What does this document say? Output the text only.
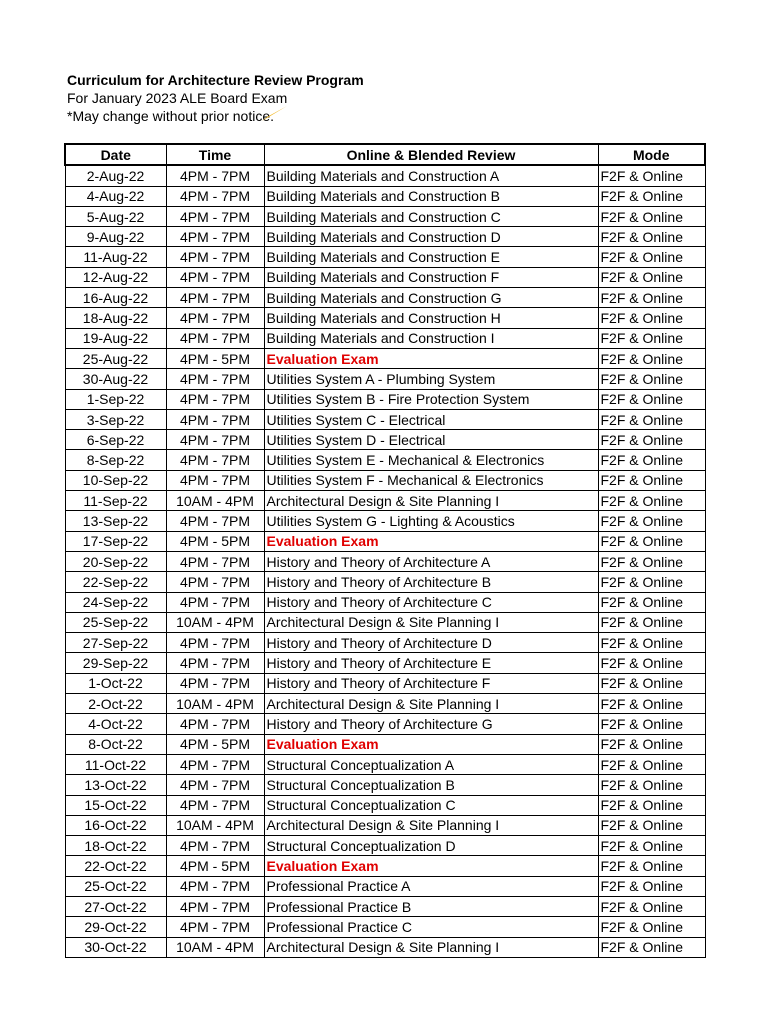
Curriculum for Architecture Review Program
For January 2023 ALE Board Exam
*May change without prior notice.
Date	Time	Online & Blended Review	Mode
2-Aug-22	4PM - 7PM	Building Materials and Construction A	F2F & Online
4-Aug-22	4PM - 7PM	Building Materials and Construction B	F2F & Online
5-Aug-22	4PM - 7PM	Building Materials and Construction C	F2F & Online
9-Aug-22	4PM - 7PM	Building Materials and Construction D	F2F & Online
11-Aug-22	4PM - 7PM	Building Materials and Construction E	F2F & Online
12-Aug-22	4PM - 7PM	Building Materials and Construction F	F2F & Online
16-Aug-22	4PM - 7PM	Building Materials and Construction G	F2F & Online
18-Aug-22	4PM - 7PM	Building Materials and Construction H	F2F & Online
19-Aug-22	4PM - 7PM	Building Materials and Construction I	F2F & Online
25-Aug-22	4PM - 5PM	Evaluation Exam	F2F & Online
30-Aug-22	4PM - 7PM	Utilities System A - Plumbing System	F2F & Online
1-Sep-22	4PM - 7PM	Utilities System B - Fire Protection System	F2F & Online
3-Sep-22	4PM - 7PM	Utilities System C - Electrical	F2F & Online
6-Sep-22	4PM - 7PM	Utilities System D - Electrical	F2F & Online
8-Sep-22	4PM - 7PM	Utilities System E - Mechanical & Electronics	F2F & Online
10-Sep-22	4PM - 7PM	Utilities System F - Mechanical & Electronics	F2F & Online
11-Sep-22	10AM - 4PM	Architectural Design & Site Planning I	F2F & Online
13-Sep-22	4PM - 7PM	Utilities System G - Lighting & Acoustics	F2F & Online
17-Sep-22	4PM - 5PM	Evaluation Exam	F2F & Online
20-Sep-22	4PM - 7PM	History and Theory of Architecture A	F2F & Online
22-Sep-22	4PM - 7PM	History and Theory of Architecture B	F2F & Online
24-Sep-22	4PM - 7PM	History and Theory of Architecture C	F2F & Online
25-Sep-22	10AM - 4PM	Architectural Design & Site Planning I	F2F & Online
27-Sep-22	4PM - 7PM	History and Theory of Architecture D	F2F & Online
29-Sep-22	4PM - 7PM	History and Theory of Architecture E	F2F & Online
1-Oct-22	4PM - 7PM	History and Theory of Architecture F	F2F & Online
2-Oct-22	10AM - 4PM	Architectural Design & Site Planning I	F2F & Online
4-Oct-22	4PM - 7PM	History and Theory of Architecture G	F2F & Online
8-Oct-22	4PM - 5PM	Evaluation Exam	F2F & Online
11-Oct-22	4PM - 7PM	Structural Conceptualization A	F2F & Online
13-Oct-22	4PM - 7PM	Structural Conceptualization B	F2F & Online
15-Oct-22	4PM - 7PM	Structural Conceptualization C	F2F & Online
16-Oct-22	10AM - 4PM	Architectural Design & Site Planning I	F2F & Online
18-Oct-22	4PM - 7PM	Structural Conceptualization D	F2F & Online
22-Oct-22	4PM - 5PM	Evaluation Exam	F2F & Online
25-Oct-22	4PM - 7PM	Professional Practice A	F2F & Online
27-Oct-22	4PM - 7PM	Professional Practice B	F2F & Online
29-Oct-22	4PM - 7PM	Professional Practice C	F2F & Online
30-Oct-22	10AM - 4PM	Architectural Design & Site Planning I	F2F & Online
